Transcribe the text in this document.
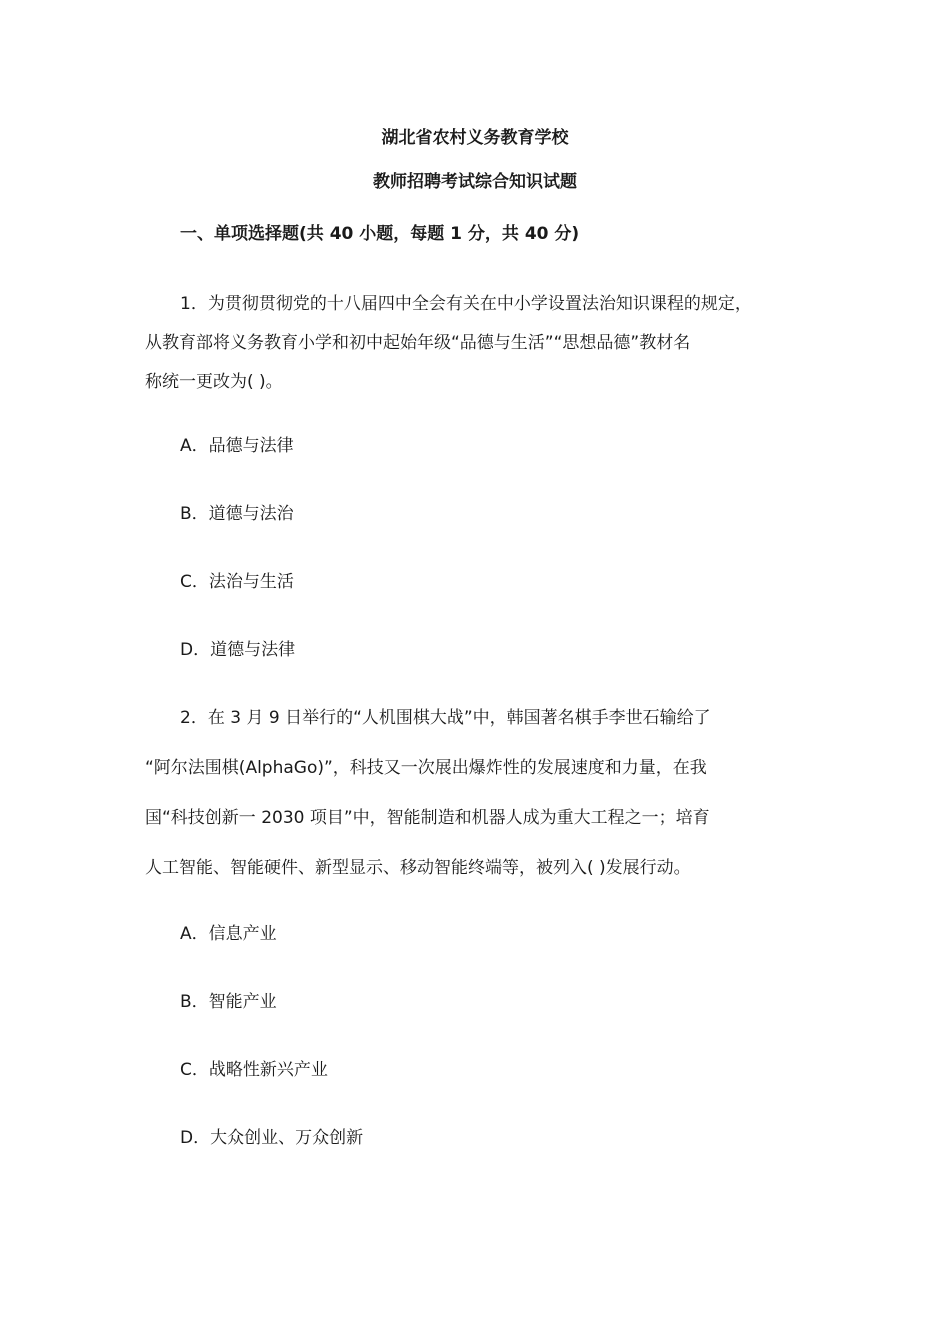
湖北省农村义务教育学校
教师招聘考试综合知识试题
一、单项选择题(共 40 小题，每题 1 分，共 40 分)

1．为贯彻贯彻党的十八届四中全会有关在中小学设置法治知识课程的规定，

从教育部将义务教育小学和初中起始年级“品德与生活”“思想品德”教材名

称统一更改为( )。

A．品德与法律

B．道德与法治

C．法治与生活

D．道德与法律

2．在 3 月 9 日举行的“人机围棋大战”中，韩国著名棋手李世石输给了

“阿尔法围棋(AlphaGo)”，科技又一次展出爆炸性的发展速度和力量，在我

国“科技创新一 2030 项目”中，智能制造和机器人成为重大工程之一；培育

人工智能、智能硬件、新型显示、移动智能终端等，被列入( )发展行动。

A．信息产业

B．智能产业

C．战略性新兴产业

D．大众创业、万众创新
